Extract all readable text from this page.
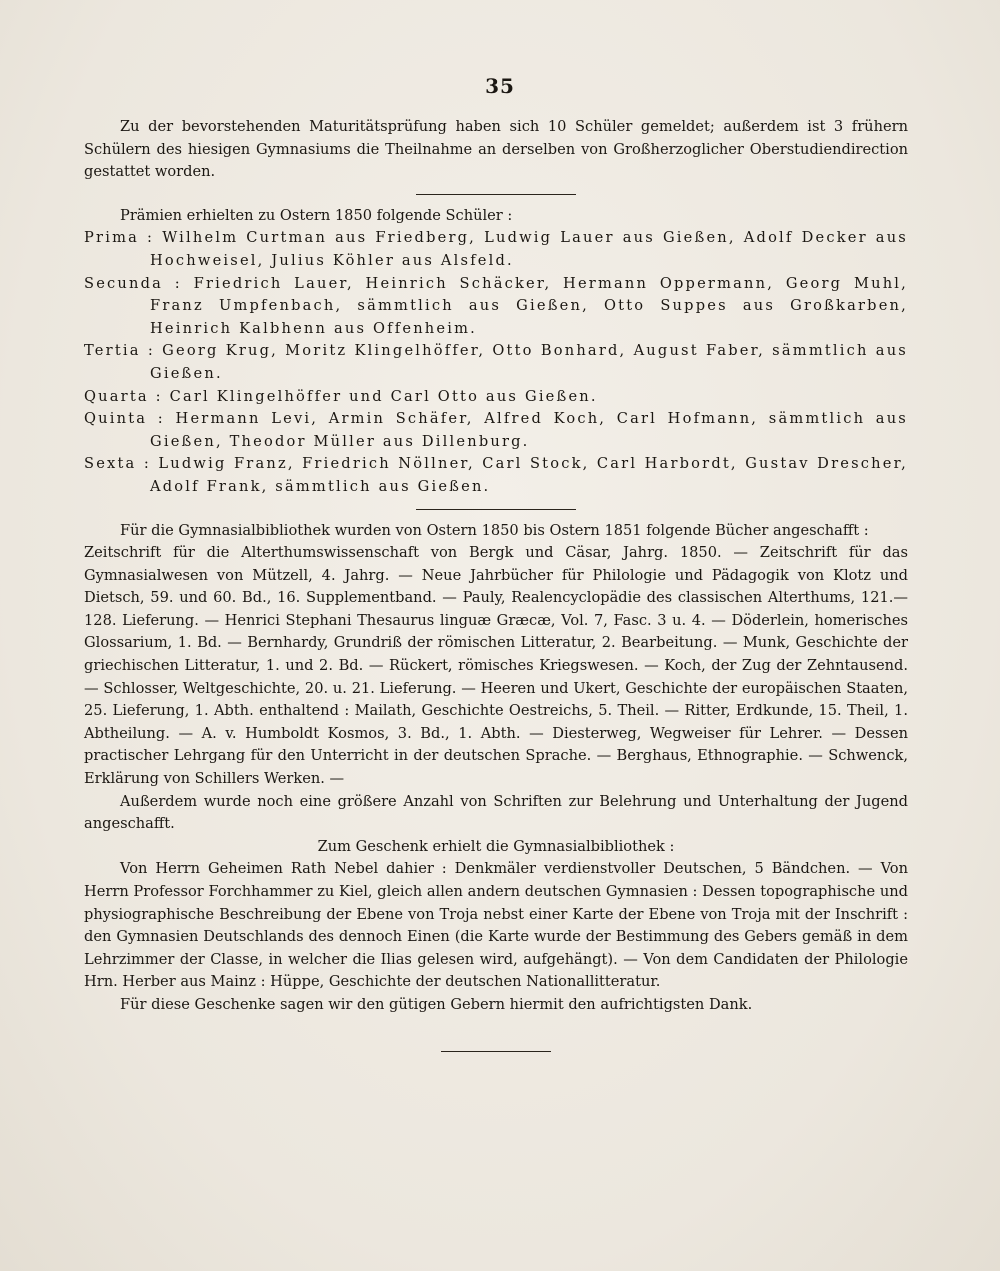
35

Zu der bevorstehenden Maturitätsprüfung haben sich 10 Schüler gemeldet; außerdem ist 3 frühern Schülern des hiesigen Gymnasiums die Theilnahme an derselben von Großherzoglicher Oberstudiendirection gestattet worden.

Prämien erhielten zu Ostern 1850 folgende Schüler :

Prima : Wilhelm Curtman aus Friedberg, Ludwig Lauer aus Gießen, Adolf Decker aus Hochweisel, Julius Köhler aus Alsfeld.

Secunda : Friedrich Lauer, Heinrich Schäcker, Hermann Oppermann, Georg Muhl, Franz Umpfenbach, sämmtlich aus Gießen, Otto Suppes aus Großkarben, Heinrich Kalbhenn aus Offenheim.

Tertia : Georg Krug, Moritz Klingelhöffer, Otto Bonhard, August Faber, sämmtlich aus Gießen.

Quarta : Carl Klingelhöffer und Carl Otto aus Gießen.

Quinta : Hermann Levi, Armin Schäfer, Alfred Koch, Carl Hofmann, sämmtlich aus Gießen, Theodor Müller aus Dillenburg.

Sexta : Ludwig Franz, Friedrich Nöllner, Carl Stock, Carl Harbordt, Gustav Drescher, Adolf Frank, sämmtlich aus Gießen.

Für die Gymnasialbibliothek wurden von Ostern 1850 bis Ostern 1851 folgende Bücher angeschafft :

Zeitschrift für die Alterthumswissenschaft von Bergk und Cäsar, Jahrg. 1850. — Zeitschrift für das Gymnasialwesen von Mützell, 4. Jahrg. — Neue Jahrbücher für Philologie und Pädagogik von Klotz und Dietsch, 59. und 60. Bd., 16. Supplementband. — Pauly, Realencyclopädie des classischen Alterthums, 121.—128. Lieferung. — Henrici Stephani Thesaurus linguæ Græcæ, Vol. 7, Fasc. 3 u. 4. — Döderlein, homerisches Glossarium, 1. Bd. — Bernhardy, Grundriß der römischen Litteratur, 2. Bearbeitung. — Munk, Geschichte der griechischen Litteratur, 1. und 2. Bd. — Rückert, römisches Kriegswesen. — Koch, der Zug der Zehntausend. — Schlosser, Weltgeschichte, 20. u. 21. Lieferung. — Heeren und Ukert, Geschichte der europäischen Staaten, 25. Lieferung, 1. Abth. enthaltend : Mailath, Geschichte Oestreichs, 5. Theil. — Ritter, Erdkunde, 15. Theil, 1. Abtheilung. — A. v. Humboldt Kosmos, 3. Bd., 1. Abth. — Diesterweg, Wegweiser für Lehrer. — Dessen practischer Lehrgang für den Unterricht in der deutschen Sprache. — Berghaus, Ethnographie. — Schwenck, Erklärung von Schillers Werken. —

Außerdem wurde noch eine größere Anzahl von Schriften zur Belehrung und Unterhaltung der Jugend angeschafft.

Zum Geschenk erhielt die Gymnasialbibliothek :

Von Herrn Geheimen Rath Nebel dahier : Denkmäler verdienstvoller Deutschen, 5 Bändchen. — Von Herrn Professor Forchhammer zu Kiel, gleich allen andern deutschen Gymnasien : Dessen topographische und physiographische Beschreibung der Ebene von Troja nebst einer Karte der Ebene von Troja mit der Inschrift : den Gymnasien Deutschlands des dennoch Einen (die Karte wurde der Bestimmung des Gebers gemäß in dem Lehrzimmer der Classe, in welcher die Ilias gelesen wird, aufgehängt). — Von dem Candidaten der Philologie Hrn. Herber aus Mainz : Hüppe, Geschichte der deutschen Nationallitteratur.

Für diese Geschenke sagen wir den gütigen Gebern hiermit den aufrichtigsten Dank.
